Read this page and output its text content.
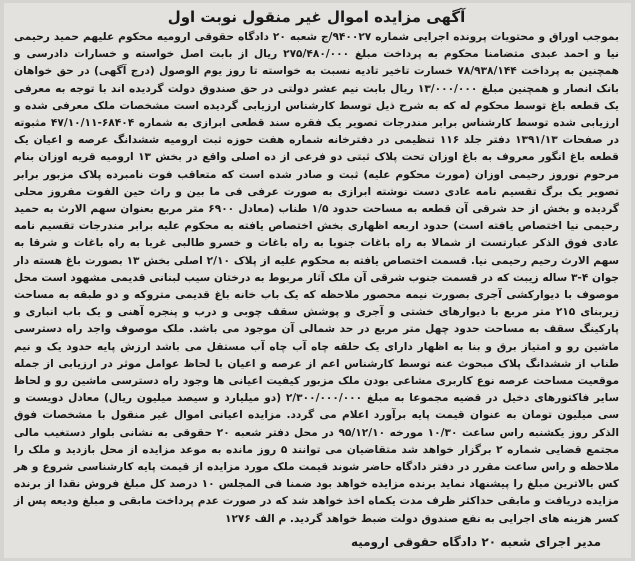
آگهی مزایده اموال غیر منقول نوبت اول

بموجب اوراق و محتویات پرونده اجرایی شماره ۹۴۰۰۲۷/ج شعبه ۲۰ دادگاه حقوقی ارومیه محکوم علیهم حمید رحیمی نیا و احمد عبدی متضامنا محکوم به پرداخت مبلغ ۲۷۵/۴۸۰/۰۰۰ ریال از بابت اصل خواسته و خسارات دادرسی و همچنین به پرداخت ۷۸/۹۳۸/۱۴۴ خسارت تاخیر تادیه نسبت به خواسته تا روز یوم الوصول (درج آگهی) در حق خواهان بانک انصار و همچنین مبلغ ۱۳/۰۰۰/۰۰۰ ریال بابت نیم عشر دولتی در حق صندوق دولت گردیده اند با توجه به معرفی یک قطعه باغ توسط محکوم له که به شرح ذیل توسط کارشناس ارزیابی گردیده است مشخصات ملک معرفی شده و ارزیابی شده توسط کارشناس برابر مندرجات تصویر یک فقره سند قطعی ابرازی به شماره ۶۸۴۰۴-۴۷/۱۰/۱۱ مثبوته در صفحات ۱۳۹۱/۱۳ دفتر جلد ۱۱۶ تنظیمی در دفترخانه شماره هفت حوزه ثبت ارومیه ششدانگ عرصه و اعیان یک قطعه باغ انگور معروف به باغ اوزان تحت پلاک ثبتی دو فرعی از ده اصلی واقع در بخش ۱۳ ارومیه قریه اوزان بنام مرحوم نوروز رحیمی اوزان (مورث محکوم علیه) ثبت و صادر شده است که متعاقب فوت نامبرده پلاک مزبور برابر تصویر یک برگ تقسیم نامه عادی دست نوشته ابرازی به صورت عرفی فی ما بین و راث حین الفوت مفروز محلی گردیده و بخش از حد شرقی آن قطعه به مساحت حدود ۱/۵ طناب (معادل ۶۹۰۰ متر مربع بعنوان سهم الارث به حمید رحیمی نیا اختصاص یافته است) حدود اربعه اظهاری بخش اختصاص یافته به محکوم علیه برابر مندرجات تقسیم نامه عادی فوق الذکر عبارتست از شمالا به راه باغات جنوبا به راه باغات و خسرو طالبی غربا به راه باغات و شرقا به سهم الارث رحیم رحیمی نیا. قسمت اختصاص یافته به محکوم علیه از پلاک ۲/۱۰ اصلی بخش ۱۳ بصورت باغ هسته دار جوان ۴-۳ ساله زیبت که در قسمت جنوب شرقی آن ملک آثار مربوط به درختان سیب لبنانی قدیمی مشهود است محل موصوف با دیوارکشی آجری بصورت نیمه محصور ملاحظه که یک باب خانه باغ قدیمی متروکه و دو طبقه به مساحت زیربنای ۲۱۵ متر مربع با دیوارهای خشتی و آجری و پوشش سقف چوبی و درب و پنجره آهنی و یک باب انباری و پارکینگ سقف به مساحت حدود چهل متر مربع در حد شمالی آن موجود می باشد. ملک موصوف واجد راه دسترسی ماشین رو و امتیاز برق و بنا به اظهار دارای یک حلقه چاه آب چاه آب مستقل می باشد ارزش پایه حدود یک و نیم طناب از ششدانگ پلاک مبحوث عنه توسط کارشناس اعم از عرصه و اعیان با لحاظ عوامل موثر در ارزیابی از جمله موقعیت مساحت عرصه نوع کاربری مشاعی بودن ملک مزبور کیفیت اعیانی ها وجود راه دسترسی ماشین رو و لحاظ سایر فاکتورهای دخیل در قضیه مجموعا به مبلغ ۲/۳۰۰/۰۰۰/۰۰۰ (دو میلیارد و سیصد میلیون ریال) معادل دویست و سی میلیون تومان به عنوان قیمت پایه برآورد اعلام می گردد. مزایده اعیانی اموال غیر منقول با مشخصات فوق الذکر روز یکشنبه راس ساعت ۱۰/۳۰ مورخه ۹۵/۱۲/۱۰ در محل دفتر شعبه ۲۰ حقوقی به نشانی بلوار دستغیب مالی مجتمع قضایی شماره ۲ برگزار خواهد شد متقاضیان می توانند ۵ روز مانده به موعد مزایده از محل بازدید و ملک را ملاحظه و راس ساعت مقرر در دفتر دادگاه حاضر شوند قیمت ملک مورد مزایده از قیمت پایه کارشناسی شروع و هر کس بالاترین مبلغ را پیشنهاد نماید برنده مزایده خواهد بود ضمنا فی المجلس ۱۰ درصد کل مبلغ فروش نقدا از برنده مزایده دریافت و مابقی حداکثر ظرف مدت یکماه اخذ خواهد شد که در صورت عدم پرداخت مابقی و مبلغ ودیعه پس از کسر هزینه های اجرایی به نفع صندوق دولت ضبط خواهد گردید. م الف ۱۲۷۶

مدیر اجرای شعبه ۲۰ دادگاه حقوقی ارومیه
